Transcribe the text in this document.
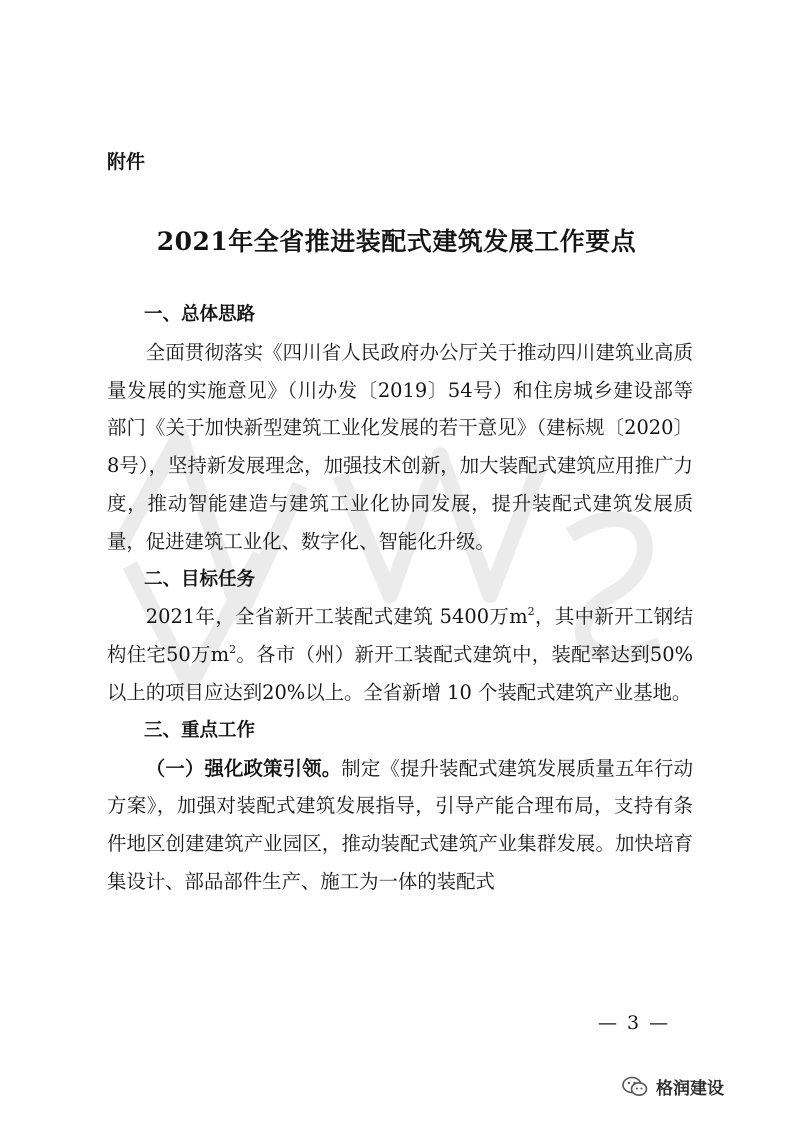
附件
2021年全省推进装配式建筑发展工作要点

一、总体思路

全面贯彻落实《四川省人民政府办公厅关于推动四川建筑业高质量发展的实施意见》（川办发〔2019〕54号）和住房城乡建设部等部门《关于加快新型建筑工业化发展的若干意见》（建标规〔2020〕8号），坚持新发展理念，加强技术创新，加大装配式建筑应用推广力度，推动智能建造与建筑工业化协同发展，提升装配式建筑发展质量，促进建筑工业化、数字化、智能化升级。

二、目标任务

2021年，全省新开工装配式建筑 5400万$m^2$，其中新开工钢结构住宅50万$m^2$。各市（州）新开工装配式建筑中，装配率达到50%以上的项目应达到20%以上。全省新增 10 个装配式建筑产业基地。

三、重点工作

（一）强化政策引领。制定《提升装配式建筑发展质量五年行动方案》，加强对装配式建筑发展指导，引导产能合理布局，支持有条件地区创建建筑产业园区，推动装配式建筑产业集群发展。加快培育集设计、部品部件生产、施工为一体的装配式

— 3 —
格润建设
